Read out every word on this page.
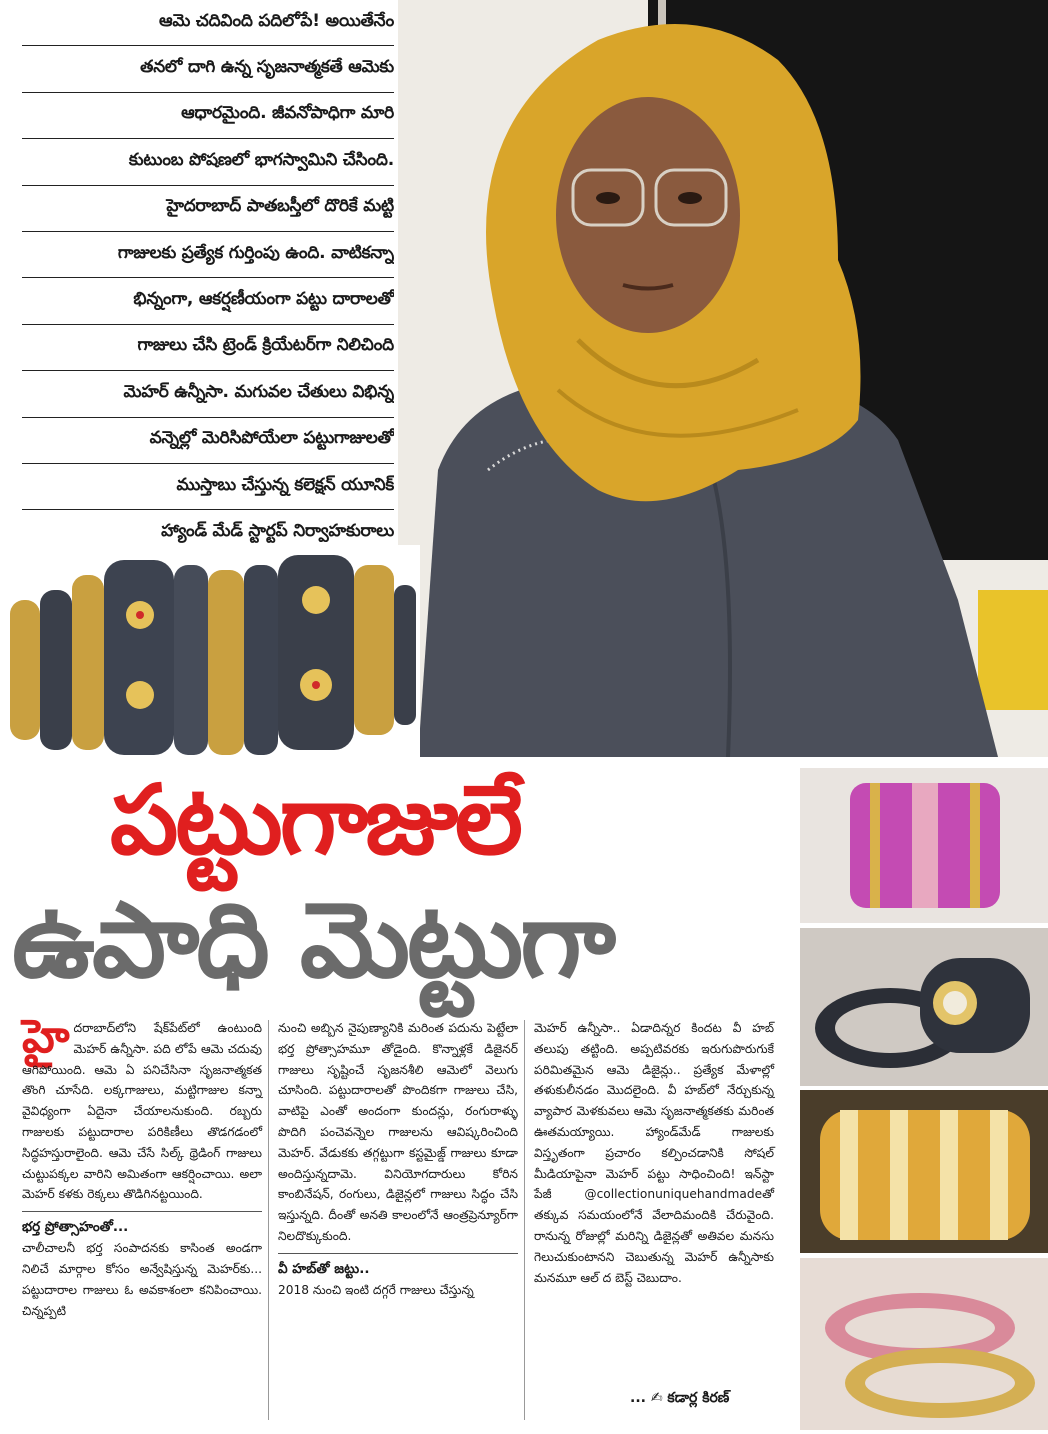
ఆమె చదివింది పదిలోపే! అయితేనేం
తనలో దాగి ఉన్న సృజనాత్మకతే ఆమెకు
ఆధారమైంది. జీవనోపాధిగా మారి
కుటుంబ పోషణలో భాగస్వామిని చేసింది.
హైదరాబాద్ పాతబస్తీలో దొరికే మట్టి
గాజులకు ప్రత్యేక గుర్తింపు ఉంది. వాటికన్నా
భిన్నంగా, ఆకర్షణీయంగా పట్టు దారాలతో
గాజులు చేసి ట్రెండ్ క్రియేటర్‌గా నిలిచింది
మెహర్ ఉన్నీసా. మగువల చేతులు విభిన్న
వన్నెల్లో మెరిసిపోయేలా పట్టుగాజులతో
ముస్తాబు చేస్తున్న కలెక్షన్ యూనిక్
హ్యాండ్ మేడ్ స్టార్టప్ నిర్వాహకురాలు
పట్టుగాజులే
ఉపాధి మెట్టుగా
హై దరాబాద్‌లోని షేక్‌పేట్‌లో ఉంటుంది మెహర్ ఉన్నీసా. పది లోపే ఆమె చదువు ఆగిపోయింది. ఆమె ఏ పనిచేసినా సృజనాత్మకత తొంగి చూసేది. లక్కగాజులు, మట్టిగాజుల కన్నా వైవిధ్యంగా ఏదైనా చేయాలనుకుంది. రబ్బరు గాజులకు పట్టుదారాల పరికిణీలు తొడగడంలో సిద్ధహస్తురాలైంది. ఆమె చేసే సిల్క్ థ్రెడింగ్ గాజులు చుట్టుపక్కల వారిని అమితంగా ఆకర్షించాయి. అలా మెహర్ కళకు రెక్కలు తొడిగినట్టయింది.
భర్త ప్రోత్సాహంతో...
చాలీచాలనీ భర్త సంపాదనకు కాసింత అండగా నిలిచే మార్గాల కోసం అన్వేషిస్తున్న మెహర్‌కు... పట్టుదారాల గాజులు ఓ అవకాశంలా కనిపించాయి. చిన్నప్పటి
నుంచి అబ్బిన నైపుణ్యానికి మరింత పదును పెట్టేలా భర్త ప్రోత్సాహమూ తోడైంది. కొన్నాళ్లకే డిజైనర్ గాజులు సృష్టించే సృజనశీలి ఆమెలో వెలుగు చూసింది. పట్టుదారాలతో పొందికగా గాజులు చేసి, వాటిపై ఎంతో అందంగా కుందన్లు, రంగురాళ్ళు పొదిగి పంచెవన్నెల గాజులను ఆవిష్కరించింది మెహర్. వేడుకకు తగ్గట్టుగా కస్టమైజ్డ్ గాజులు కూడా అందిస్తున్నదామె. వినియోగదారులు కోరిన కాంబినేషన్, రంగులు, డిజైన్లలో గాజులు సిద్ధం చేసి ఇస్తున్నది. దీంతో అనతి కాలంలోనే ఆంత్రప్రెన్యూర్‌గా నిలదొక్కుకుంది.
వీ హబ్‌తో జట్టు..
2018 నుంచి ఇంటి దగ్గరే గాజులు చేస్తున్న
మెహర్ ఉన్నీసా.. ఏడాదిన్నర కిందట వీ హబ్ తలుపు తట్టింది. అప్పటివరకు ఇరుగుపొరుగుకే పరిమితమైన ఆమె డిజైన్లు.. ప్రత్యేక మేళాల్లో తళుకులీనడం మొదలైంది. వీ హబ్‌లో నేర్చుకున్న వ్యాపార మెళకువలు ఆమె సృజనాత్మకతకు మరింత ఊతమయ్యాయి. హ్యాండ్‌మేడ్ గాజులకు విస్తృతంగా ప్రచారం కల్పించడానికి సోషల్ మీడియాపైనా మెహర్ పట్టు సాధించింది! ఇన్‌స్టా పేజీ @collectionuniquehandmadeతో తక్కువ సమయంలోనే వేలాదిమందికి చేరువైంది. రానున్న రోజుల్లో మరిన్ని డిజైన్లతో అతివల మనసు గెలుచుకుంటానని చెబుతున్న మెహర్ ఉన్నీసాకు మనమూ ఆల్ ద బెస్ట్ చెబుదాం.
... ✍ కడార్ల కిరణ్
